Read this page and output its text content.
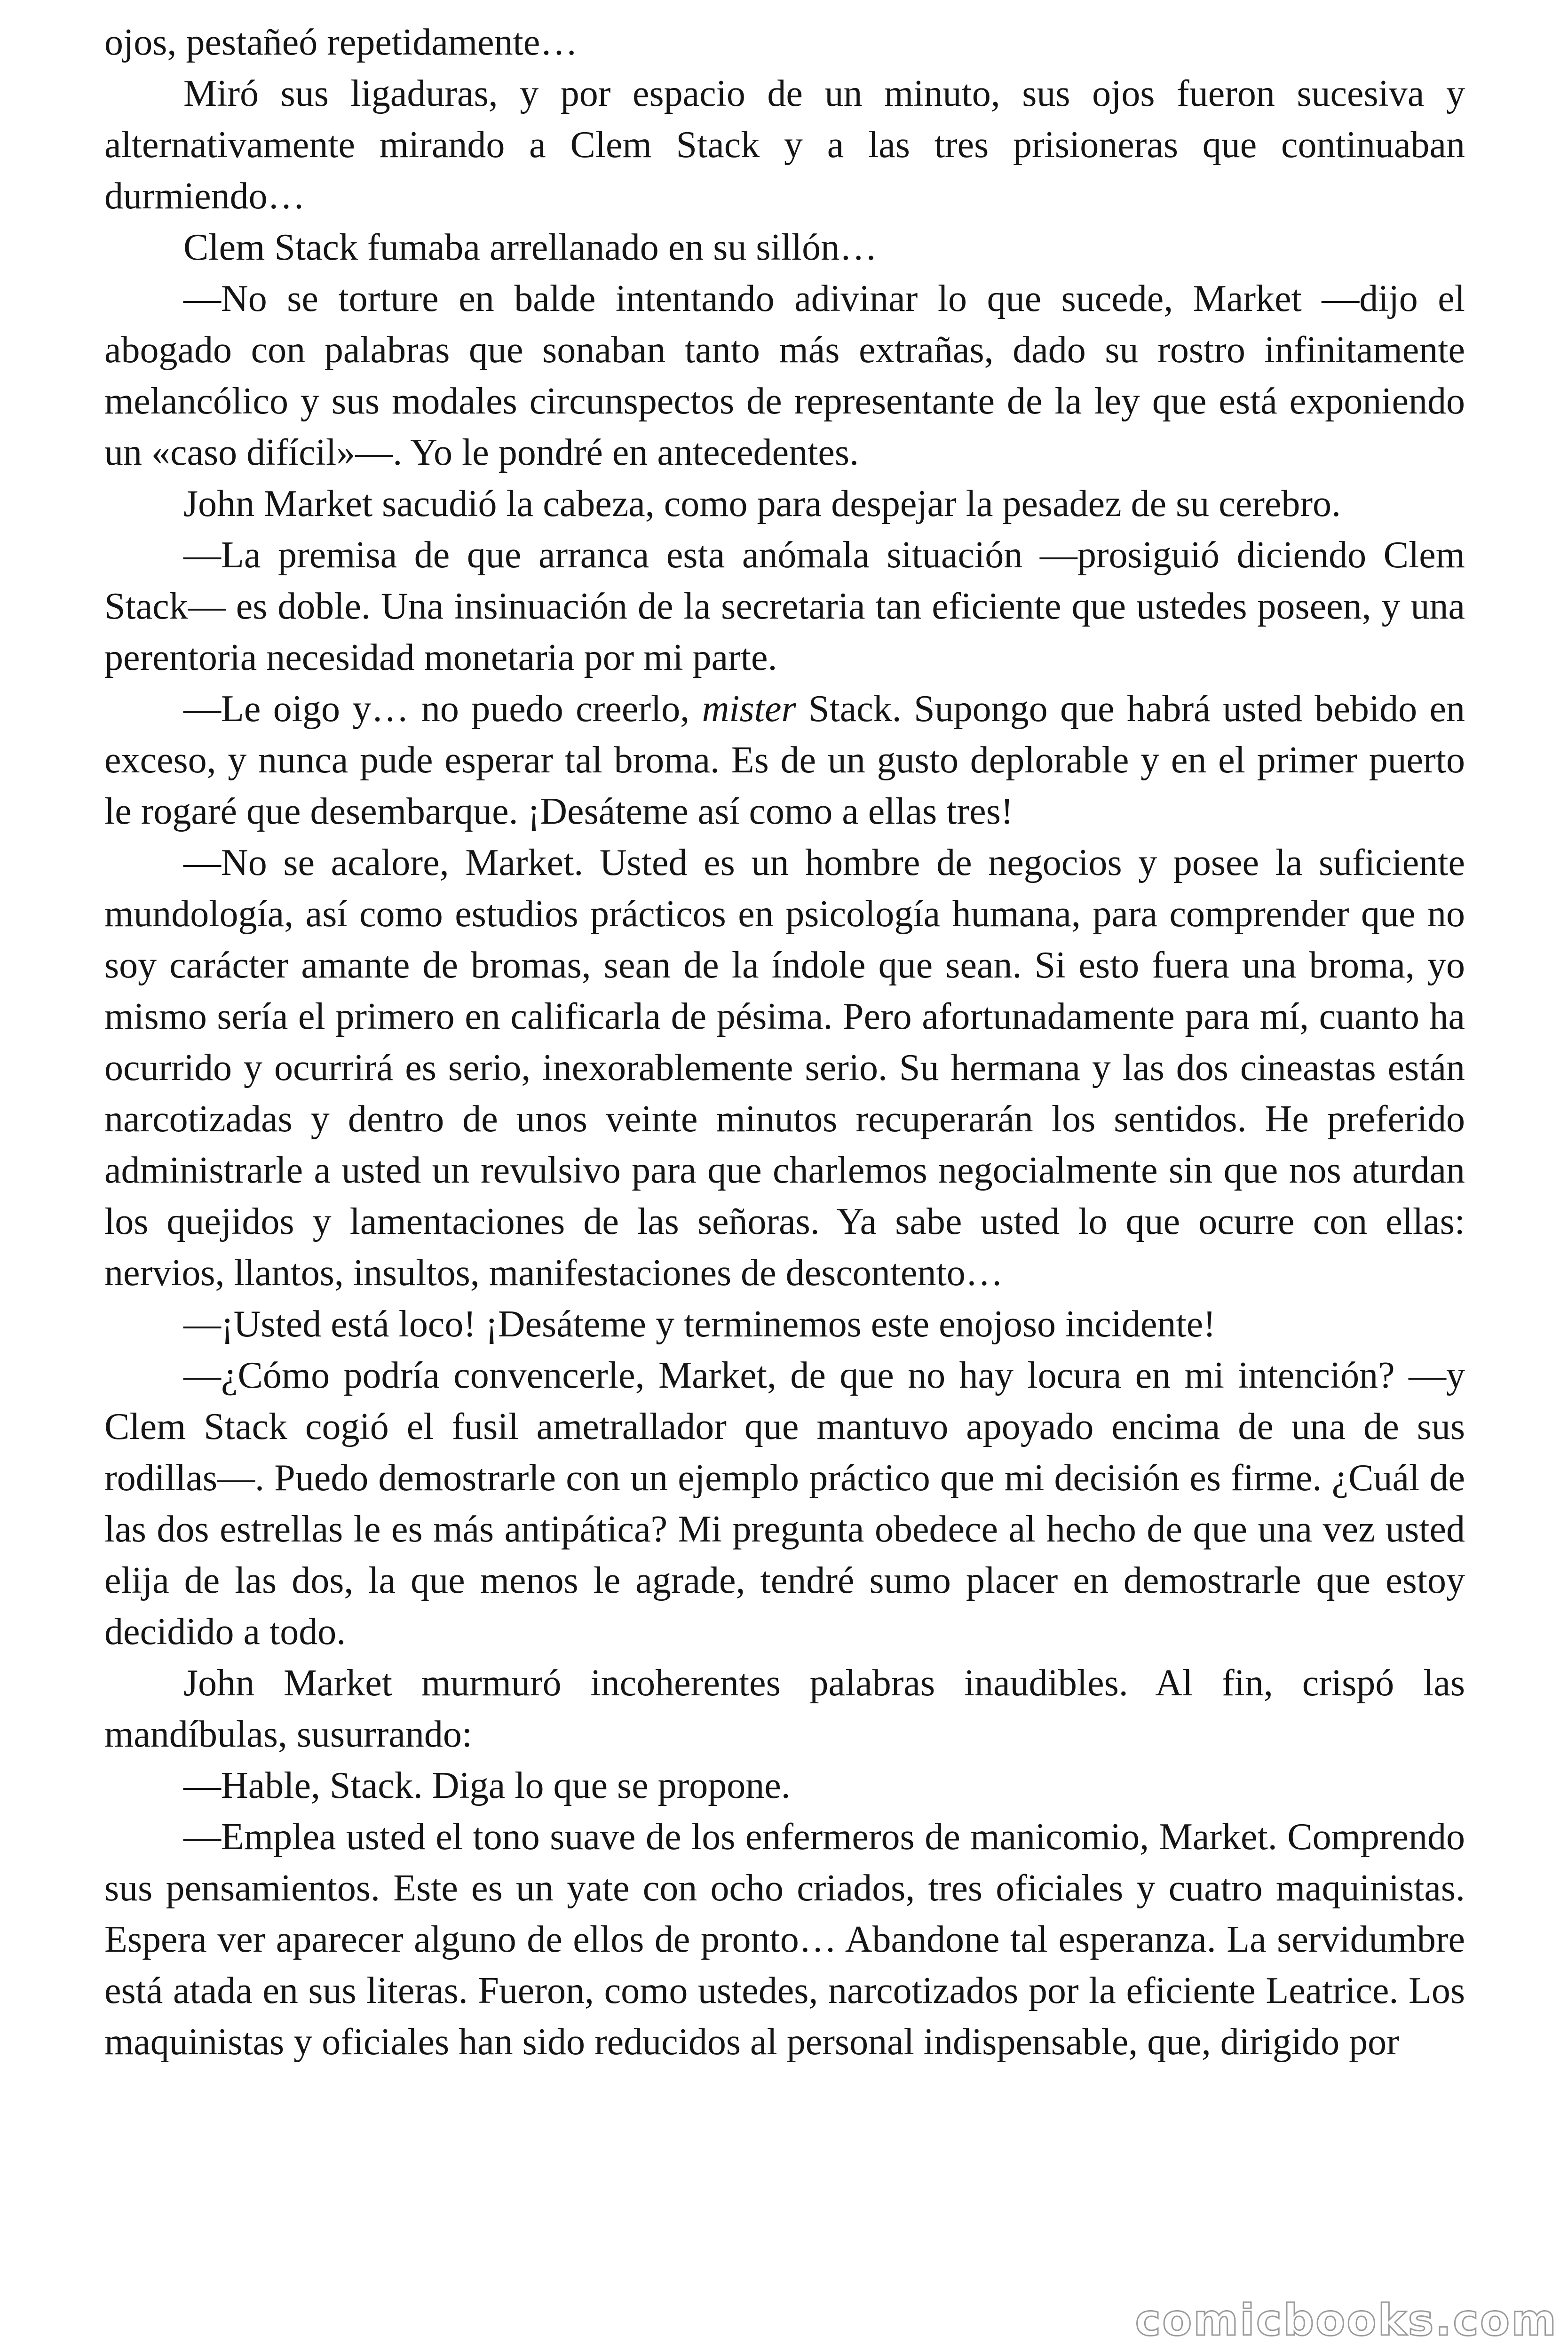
ojos, pestañeó repetidamente…

Miró sus ligaduras, y por espacio de un minuto, sus ojos fueron sucesiva y alternativamente mirando a Clem Stack y a las tres prisioneras que continuaban durmiendo…

Clem Stack fumaba arrellanado en su sillón…

—No se torture en balde intentando adivinar lo que sucede, Market —dijo el abogado con palabras que sonaban tanto más extrañas, dado su rostro infinitamente melancólico y sus modales circunspectos de representante de la ley que está exponiendo un «caso difícil»—. Yo le pondré en antecedentes.

John Market sacudió la cabeza, como para despejar la pesadez de su cerebro.

—La premisa de que arranca esta anómala situación —prosiguió diciendo Clem Stack— es doble. Una insinuación de la secretaria tan eficiente que ustedes poseen, y una perentoria necesidad monetaria por mi parte.

—Le oigo y… no puedo creerlo, mister Stack. Supongo que habrá usted bebido en exceso, y nunca pude esperar tal broma. Es de un gusto deplorable y en el primer puerto le rogaré que desembarque. ¡Desáteme así como a ellas tres!

—No se acalore, Market. Usted es un hombre de negocios y posee la suficiente mundología, así como estudios prácticos en psicología humana, para comprender que no soy carácter amante de bromas, sean de la índole que sean. Si esto fuera una broma, yo mismo sería el primero en calificarla de pésima. Pero afortunadamente para mí, cuanto ha ocurrido y ocurrirá es serio, inexorablemente serio. Su hermana y las dos cineastas están narcotizadas y dentro de unos veinte minutos recuperarán los sentidos. He preferido administrarle a usted un revulsivo para que charlemos negocialmente sin que nos aturdan los quejidos y lamentaciones de las señoras. Ya sabe usted lo que ocurre con ellas: nervios, llantos, insultos, manifestaciones de descontento…

—¡Usted está loco! ¡Desáteme y terminemos este enojoso incidente!

—¿Cómo podría convencerle, Market, de que no hay locura en mi intención? —y Clem Stack cogió el fusil ametrallador que mantuvo apoyado encima de una de sus rodillas—. Puedo demostrarle con un ejemplo práctico que mi decisión es firme. ¿Cuál de las dos estrellas le es más antipática? Mi pregunta obedece al hecho de que una vez usted elija de las dos, la que menos le agrade, tendré sumo placer en demostrarle que estoy decidido a todo.

John Market murmuró incoherentes palabras inaudibles. Al fin, crispó las mandíbulas, susurrando:

—Hable, Stack. Diga lo que se propone.

—Emplea usted el tono suave de los enfermeros de manicomio, Market. Comprendo sus pensamientos. Este es un yate con ocho criados, tres oficiales y cuatro maquinistas. Espera ver aparecer alguno de ellos de pronto… Abandone tal esperanza. La servidumbre está atada en sus literas. Fueron, como ustedes, narcotizados por la eficiente Leatrice. Los maquinistas y oficiales han sido reducidos al personal indispensable, que, dirigido por

comicbooks.com
